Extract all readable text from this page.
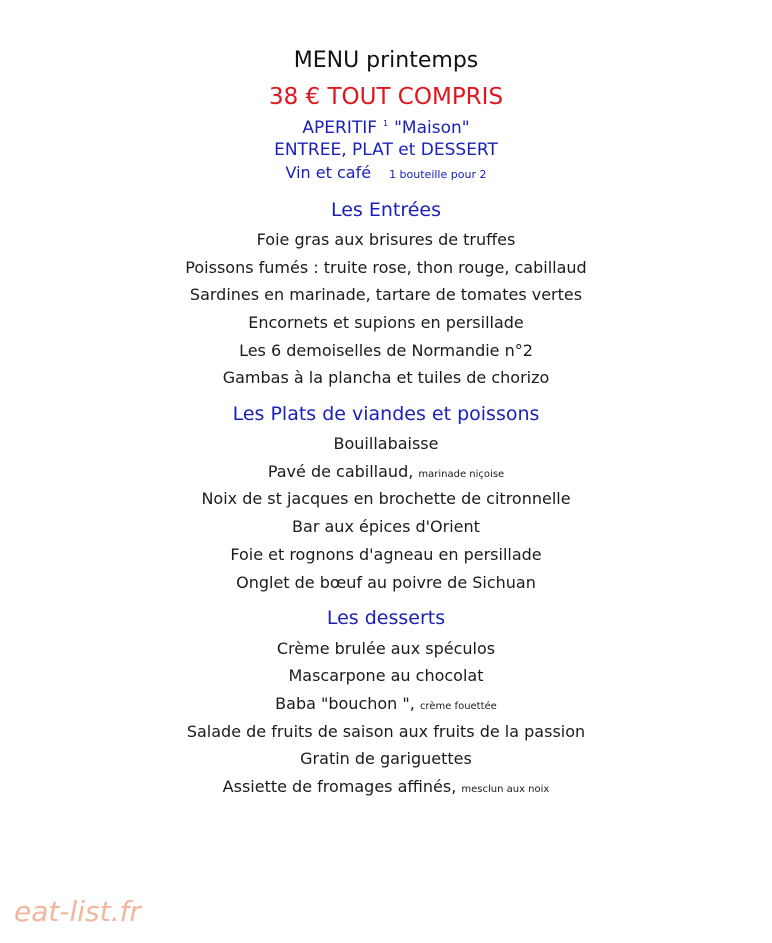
MENU printemps
38 € TOUT COMPRIS
APERITIF $^1$ "Maison"
ENTREE, PLAT et DESSERT
Vin et café 1 bouteille pour 2
Les Entrées
Foie gras aux brisures de truffes
Poissons fumés : truite rose, thon rouge, cabillaud
Sardines en marinade, tartare de tomates vertes
Encornets et supions en persillade
Les 6 demoiselles de Normandie n°2
Gambas à la plancha et tuiles de chorizo
Les Plats de viandes et poissons
Bouillabaisse
Pavé de cabillaud, marinade niçoise
Noix de st jacques en brochette de citronnelle
Bar aux épices d'Orient
Foie et rognons d'agneau en persillade
Onglet de bœuf au poivre de Sichuan
Les desserts
Crème brulée aux spéculos
Mascarpone au chocolat
Baba "bouchon ", crème fouettée
Salade de fruits de saison aux fruits de la passion
Gratin de gariguettes
Assiette de fromages affinés, mesclun aux noix
eat-list.fr
